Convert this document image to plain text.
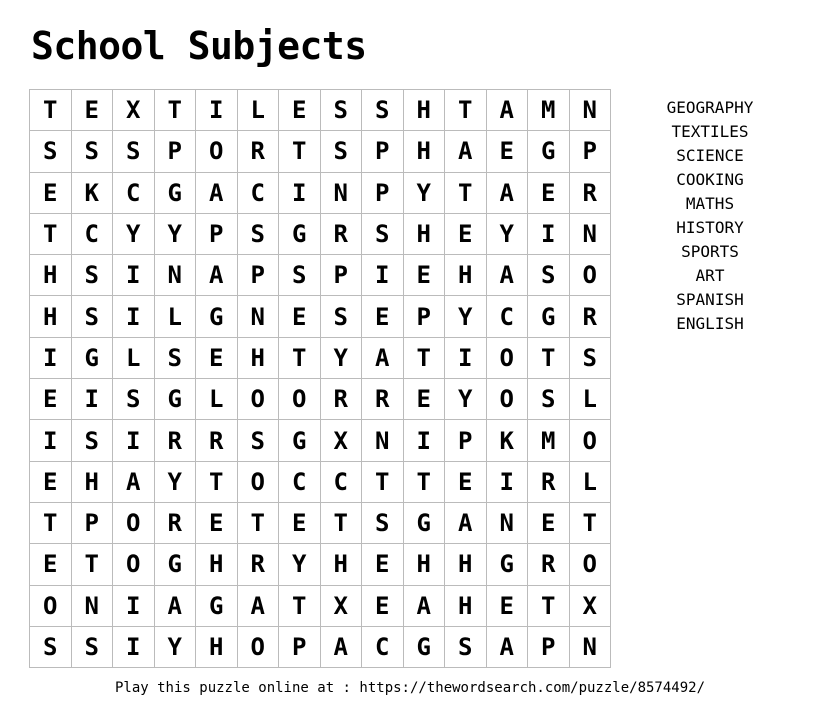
School Subjects
T	E	X	T	I	L	E	S	S	H	T	A	M	N
S	S	S	P	O	R	T	S	P	H	A	E	G	P
E	K	C	G	A	C	I	N	P	Y	T	A	E	R
T	C	Y	Y	P	S	G	R	S	H	E	Y	I	N
H	S	I	N	A	P	S	P	I	E	H	A	S	O
H	S	I	L	G	N	E	S	E	P	Y	C	G	R
I	G	L	S	E	H	T	Y	A	T	I	O	T	S
E	I	S	G	L	O	O	R	R	E	Y	O	S	L
I	S	I	R	R	S	G	X	N	I	P	K	M	O
E	H	A	Y	T	O	C	C	T	T	E	I	R	L
T	P	O	R	E	T	E	T	S	G	A	N	E	T
E	T	O	G	H	R	Y	H	E	H	H	G	R	O
O	N	I	A	G	A	T	X	E	A	H	E	T	X
S	S	I	Y	H	O	P	A	C	G	S	A	P	N
GEOGRAPHY
TEXTILES
SCIENCE
COOKING
MATHS
HISTORY
SPORTS
ART
SPANISH
ENGLISH
Play this puzzle online at : https://thewordsearch.com/puzzle/8574492/
